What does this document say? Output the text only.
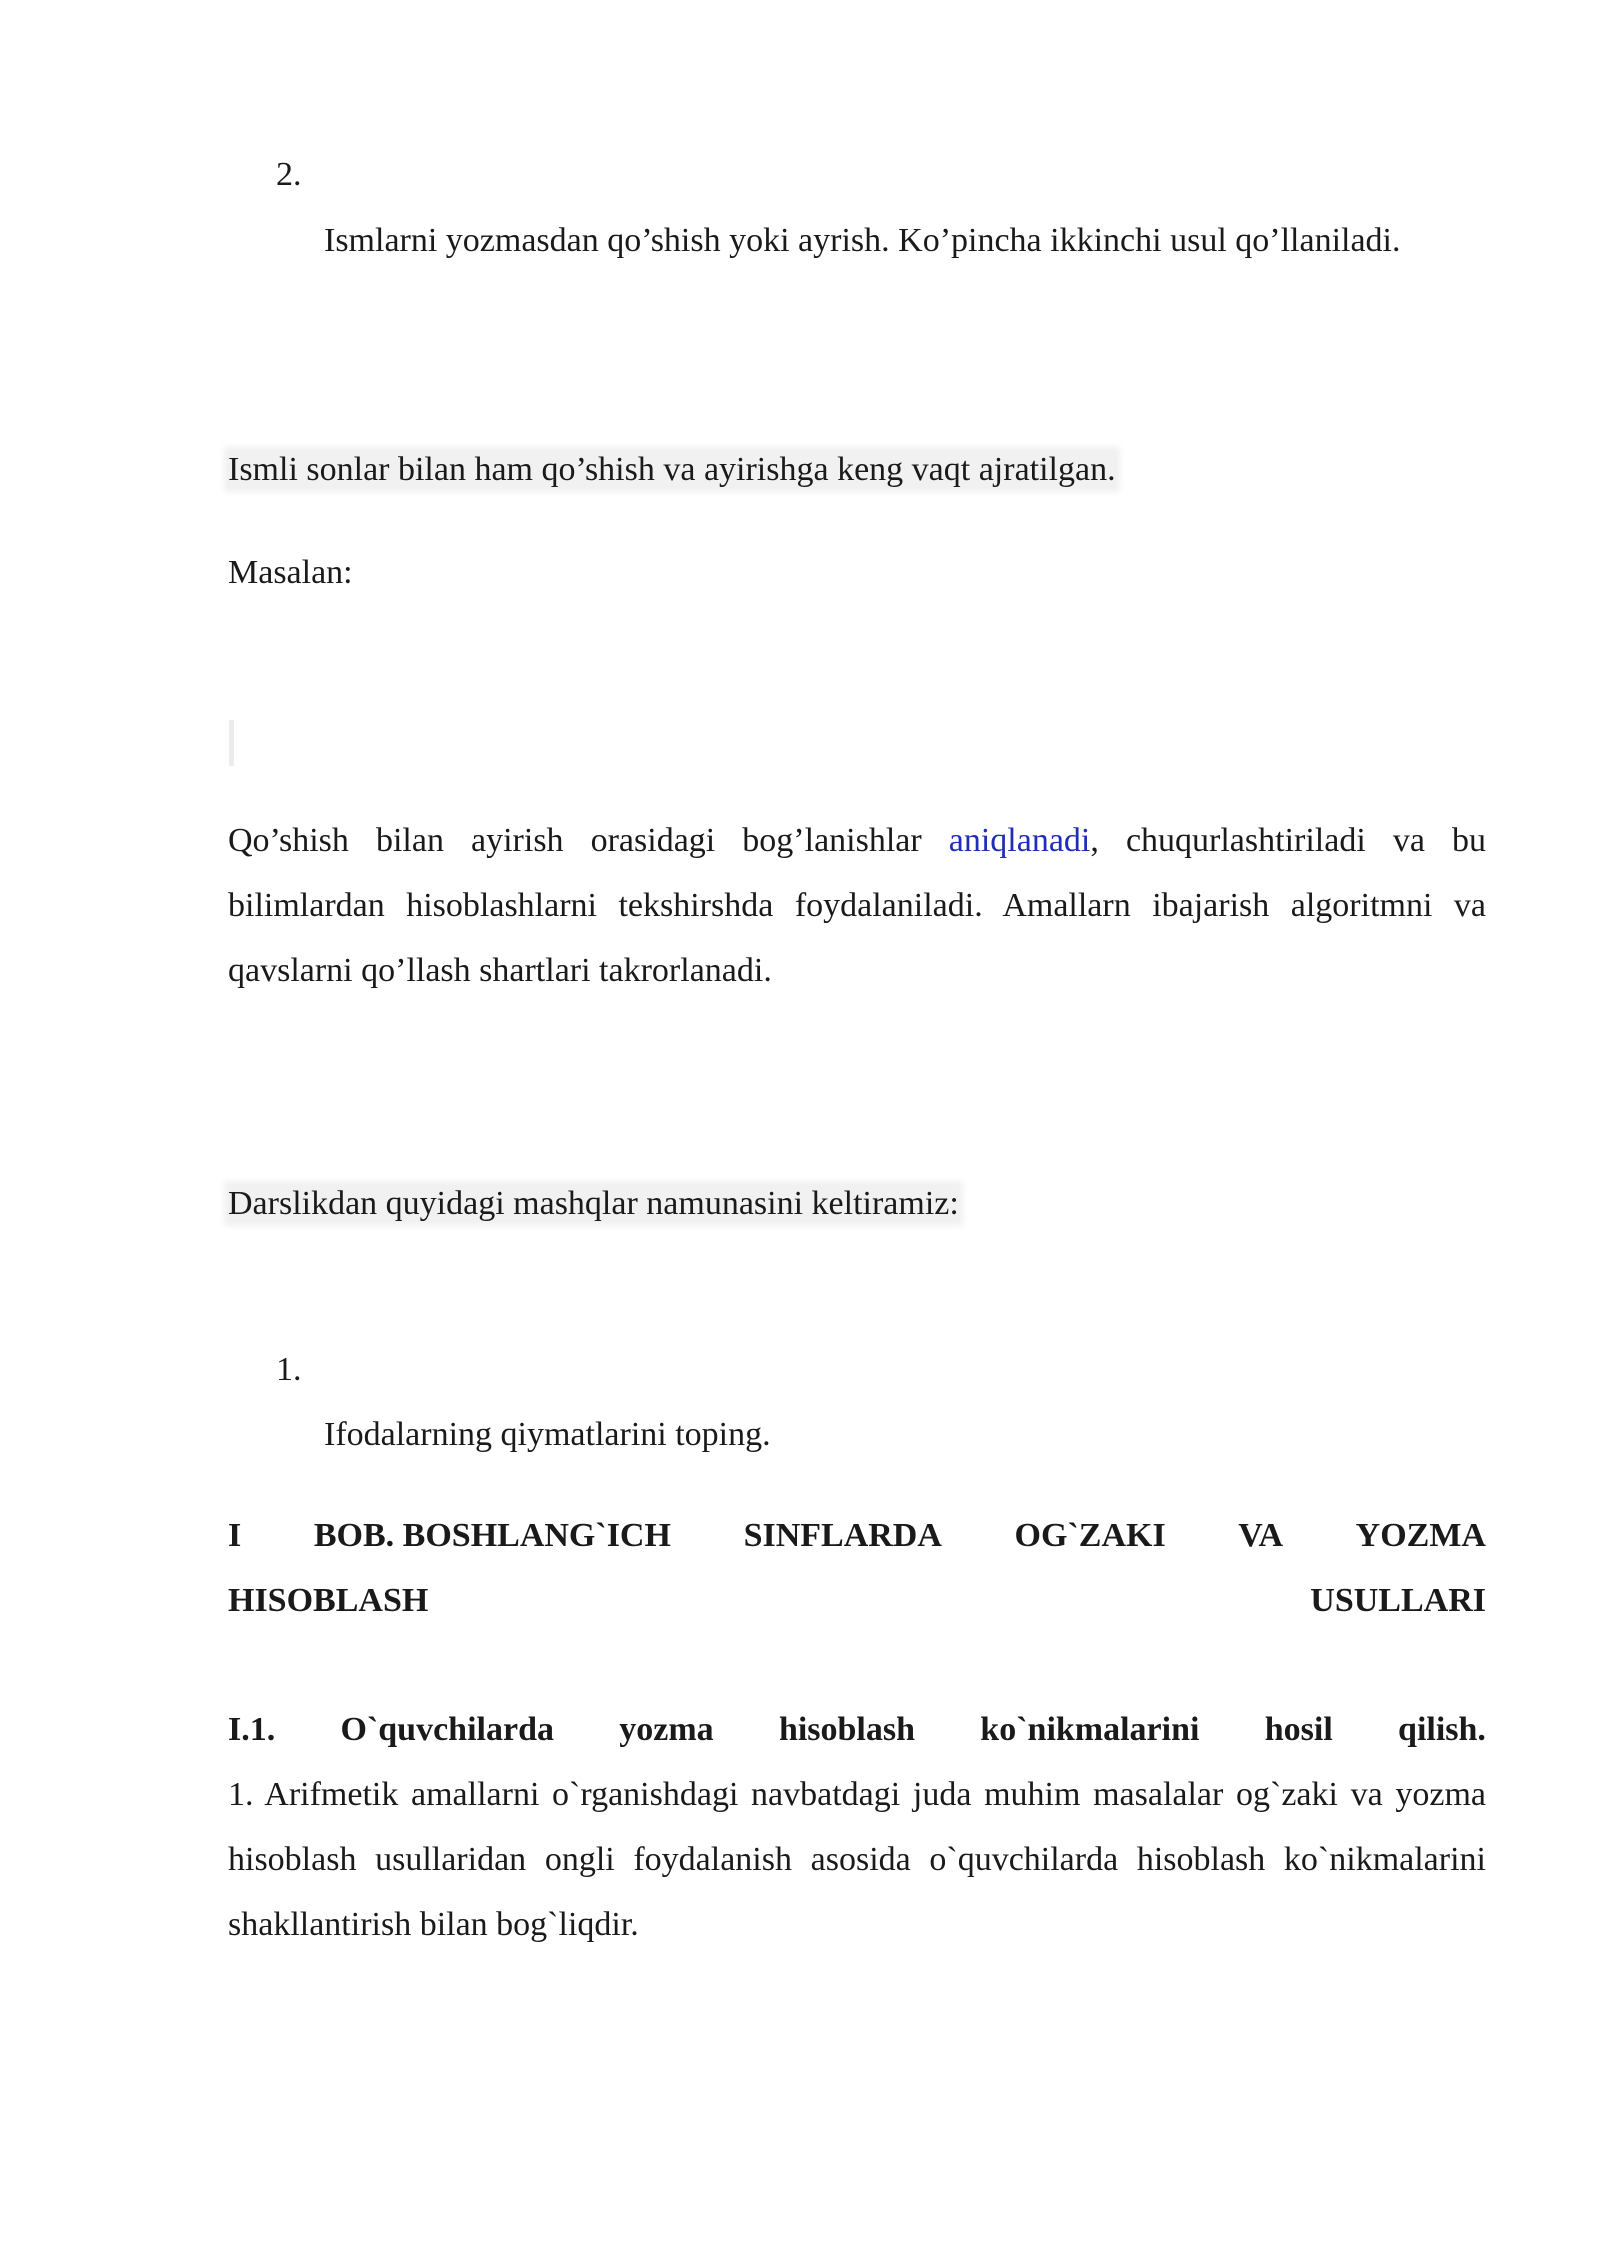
2.
Ismlarni yozmasdan qo’shish yoki ayrish. Ko’pincha ikkinchi usul qo’llaniladi.
Ismli sonlar bilan ham qo’shish va ayirishga keng vaqt ajratilgan.
Masalan:
Qo’shish bilan ayirish orasidagi bog’lanishlar aniqlanadi, chuqurlashtiriladi va bu bilimlardan hisoblashlarni tekshirshda foydalaniladi. Amallarn ibajarish algoritmni va qavslarni qo’llash shartlari takrorlanadi.
Darslikdan quyidagi mashqlar namunasini keltiramiz:
1.
Ifodalarning qiymatlarini toping.
I BOB. BOSHLANG`ICH SINFLARDA OG`ZAKI VA YOZMA
HISOBLASH	USULLARI
I.1. O`quvchilarda yozma hisoblash ko`nikmalarini hosil qilish.
1. Arifmetik amallarni o`rganishdagi navbatdagi juda muhim masalalar og`zaki va yozma hisoblash usullaridan ongli foydalanish asosida o`quvchilarda hisoblash ko`nikmalarini shakllantirish bilan bog`liqdir.
